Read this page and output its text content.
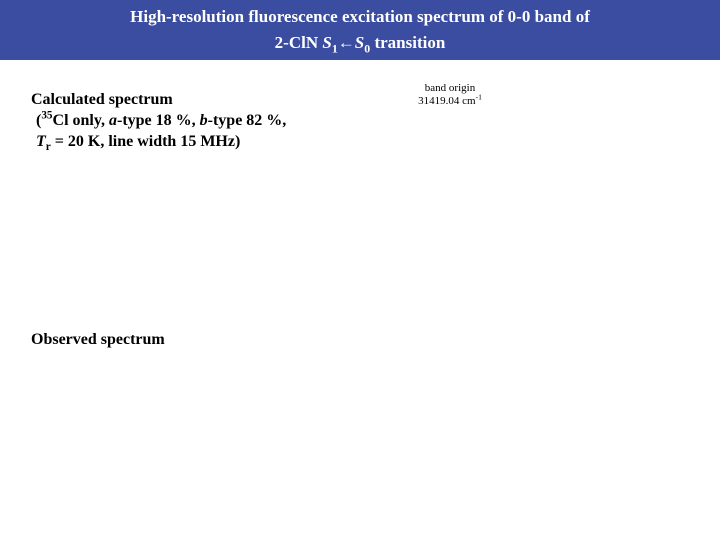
High-resolution fluorescence excitation spectrum of 0-0 band of
2-ClN $S_1\leftarrow S_0$ transition
Calculated spectrum
($^{35}$Cl only, a-type 18 %, b-type 82 %,
$T_r = 20$ K, line width 15 MHz)
band origin
31419.04 $cm^{-1}$
Observed spectrum
